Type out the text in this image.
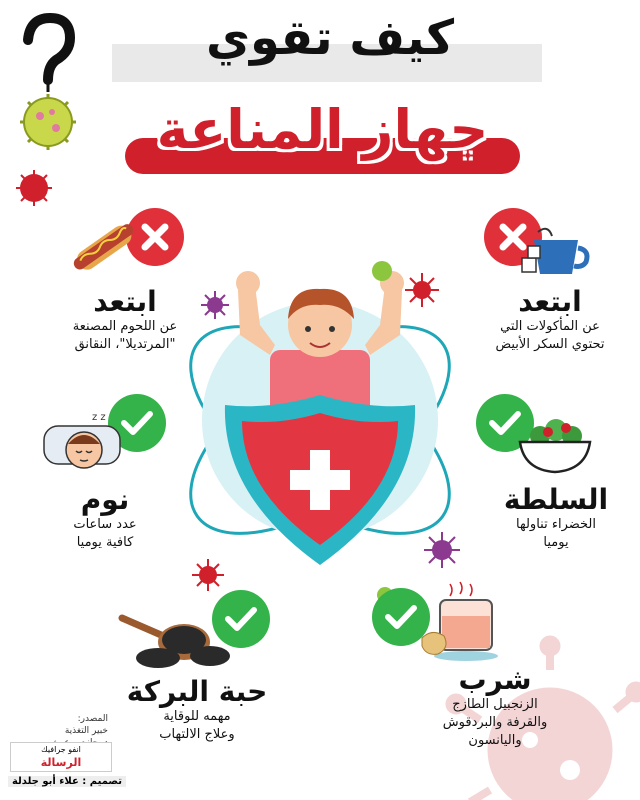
كيف تقوي
جهاز المناعة
ابتعد

عن المأكولات التي

تحتوي السكر الأبيض

ابتعد

عن اللحوم المصنعة

"المرتديلا"، النقانق

السلطة

الخضراء تناولها

يوميا

z z
نوم

عدد ساعات

كافية يوميا

شرب

الزنجبيل الطازج

والقرفة والبردقوش

واليانسون

حبة البركة

مهمه للوقاية

وعلاج الالتهاب

المصدر:
خبير التغذية
انفو جرافيك
الرسالة
تصميم : علاء أبو جلدلة
